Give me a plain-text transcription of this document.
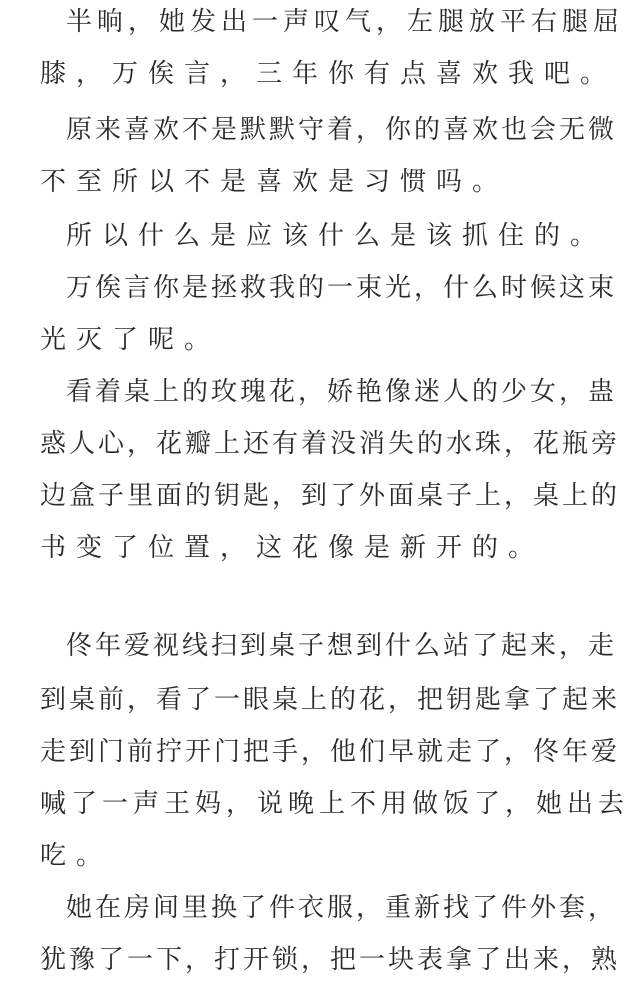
半晌，她发出一声叹气，左腿放平右腿屈
膝，万俟言，三年你有点喜欢我吧。
原来喜欢不是默默守着，你的喜欢也会无微
不至所以不是喜欢是习惯吗。
所以什么是应该什么是该抓住的。
万俟言你是拯救我的一束光，什么时候这束
光灭了呢。
看着桌上的玫瑰花，娇艳像迷人的少女，蛊
惑人心，花瓣上还有着没消失的水珠，花瓶旁
边盒子里面的钥匙，到了外面桌子上，桌上的
书变了位置，这花像是新开的。
佟年爱视线扫到桌子想到什么站了起来，走
到桌前，看了一眼桌上的花，把钥匙拿了起来
走到门前拧开门把手，他们早就走了，佟年爱
喊了一声王妈，说晚上不用做饭了，她出去
吃。
她在房间里换了件衣服，重新找了件外套，
犹豫了一下，打开锁，把一块表拿了出来，熟
